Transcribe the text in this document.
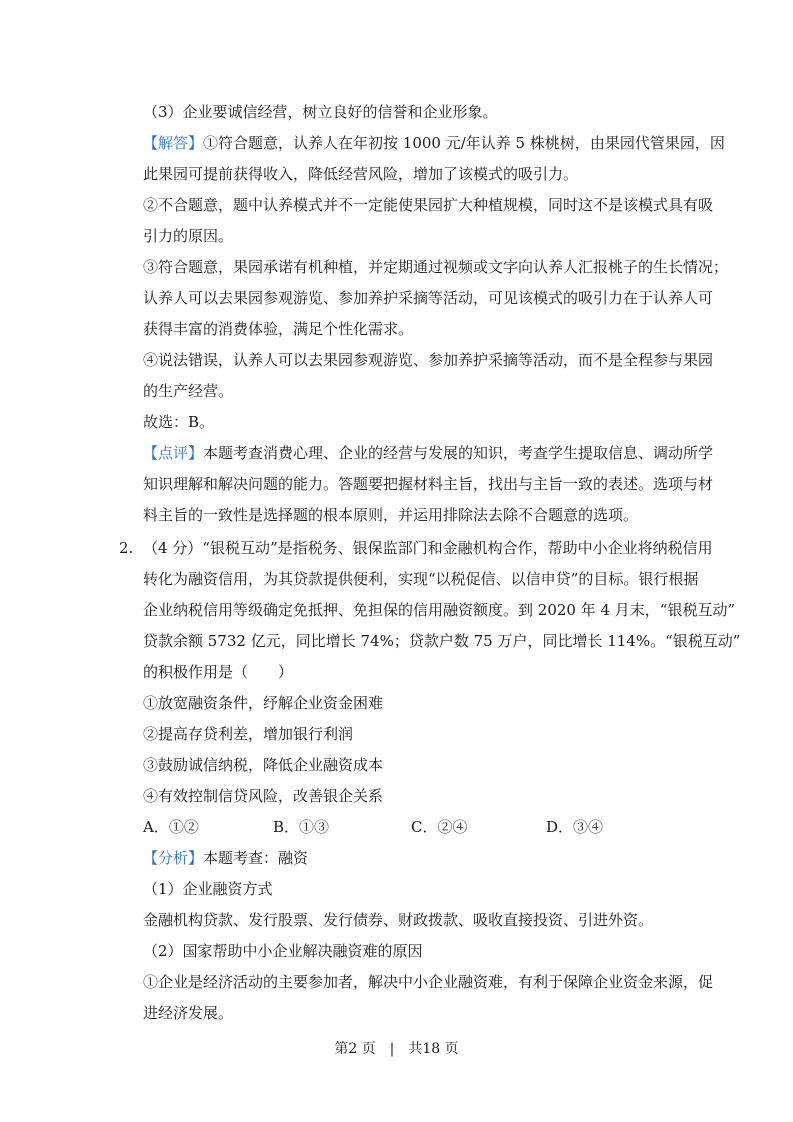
（3）企业要诚信经营，树立良好的信誉和企业形象。
【解答】①符合题意，认养人在年初按 1000 元/年认养 5 株桃树，由果园代管果园，因
此果园可提前获得收入，降低经营风险，增加了该模式的吸引力。
②不合题意，题中认养模式并不一定能使果园扩大种植规模，同时这不是该模式具有吸
引力的原因。
③符合题意，果园承诺有机种植，并定期通过视频或文字向认养人汇报桃子的生长情况；
认养人可以去果园参观游览、参加养护采摘等活动，可见该模式的吸引力在于认养人可
获得丰富的消费体验，满足个性化需求。
④说法错误，认养人可以去果园参观游览、参加养护采摘等活动，而不是全程参与果园
的生产经营。
故选：B。
【点评】本题考查消费心理、企业的经营与发展的知识，考查学生提取信息、调动所学
知识理解和解决问题的能力。答题要把握材料主旨，找出与主旨一致的表述。选项与材
料主旨的一致性是选择题的根本原则，并运用排除法去除不合题意的选项。
2. （4 分）“银税互动”是指税务、银保监部门和金融机构合作，帮助中小企业将纳税信用
转化为融资信用，为其贷款提供便利，实现“以税促信、以信申贷”的目标。银行根据
企业纳税信用等级确定免抵押、免担保的信用融资额度。到 2020 年 4 月末，“银税互动”
贷款余额 5732 亿元，同比增长 74%；贷款户数 75 万户，同比增长 114%。“银税互动”
的积极作用是（　　）
①放宽融资条件，纾解企业资金困难
②提高存贷利差，增加银行利润
③鼓励诚信纳税，降低企业融资成本
④有效控制信贷风险，改善银企关系
A．①②	B．①③	C．②④	D．③④
【分析】本题考查：融资
（1）企业融资方式
金融机构贷款、发行股票、发行债券、财政拨款、吸收直接投资、引进外资。
（2）国家帮助中小企业解决融资难的原因
①企业是经济活动的主要参加者，解决中小企业融资难，有利于保障企业资金来源，促
进经济发展。
第2 页　|　共18 页
